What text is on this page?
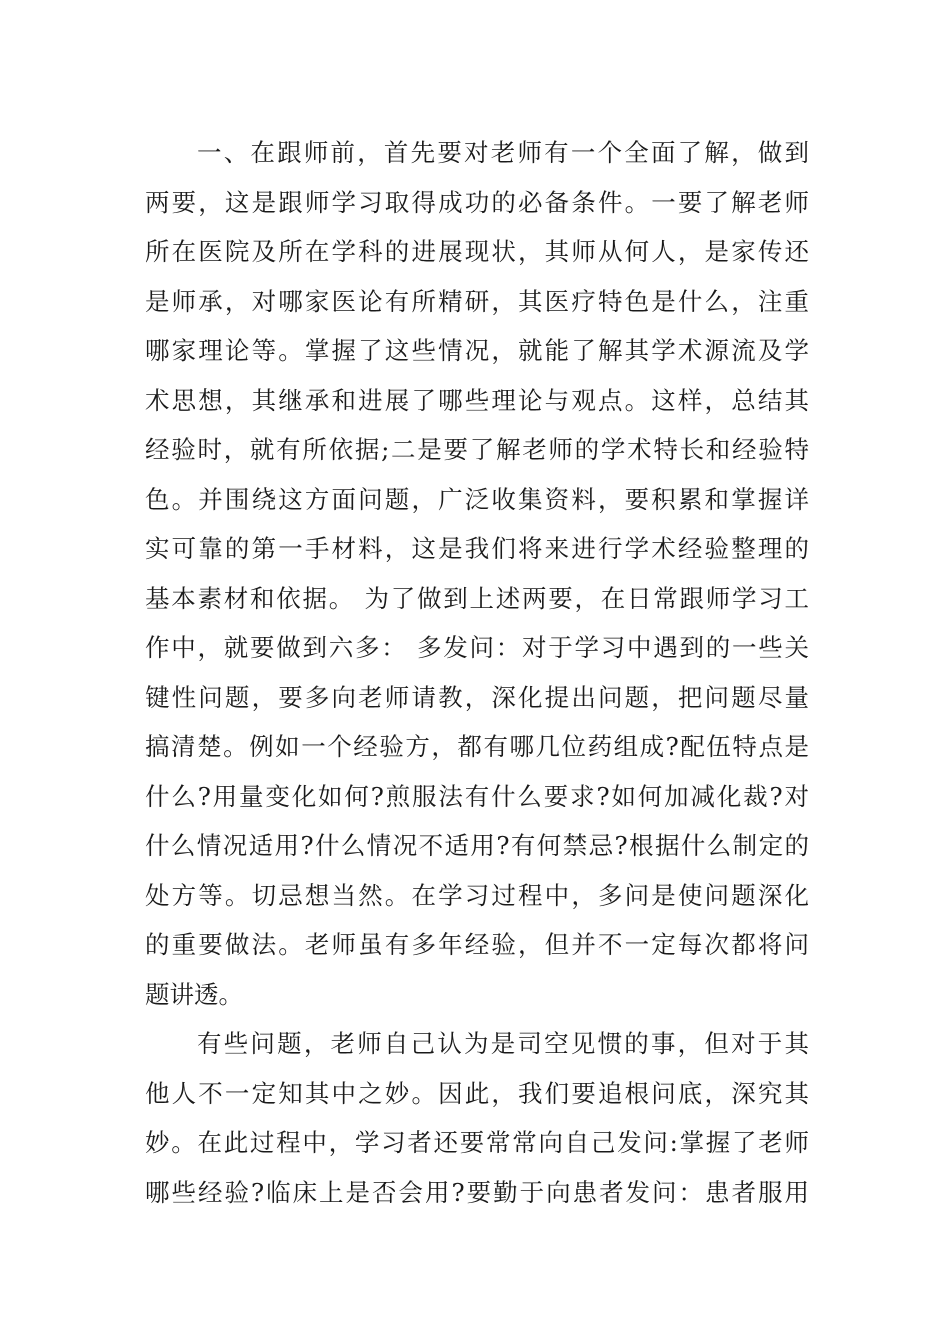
一、在跟师前，首先要对老师有一个全面了解，做到
两要，这是跟师学习取得成功的必备条件。一要了解老师
所在医院及所在学科的进展现状，其师从何人，是家传还
是师承，对哪家医论有所精研，其医疗特色是什么，注重
哪家理论等。掌握了这些情况，就能了解其学术源流及学
术思想，其继承和进展了哪些理论与观点。这样，总结其
经验时，就有所依据;二是要了解老师的学术特长和经验特
色。并围绕这方面问题，广泛收集资料，要积累和掌握详
实可靠的第一手材料，这是我们将来进行学术经验整理的
基本素材和依据。 为了做到上述两要，在日常跟师学习工
作中，就要做到六多： 多发问：对于学习中遇到的一些关
键性问题，要多向老师请教，深化提出问题，把问题尽量
搞清楚。例如一个经验方，都有哪几位药组成?配伍特点是
什么?用量变化如何?煎服法有什么要求?如何加减化裁?对
什么情况适用?什么情况不适用?有何禁忌?根据什么制定的
处方等。切忌想当然。在学习过程中，多问是使问题深化
的重要做法。老师虽有多年经验，但并不一定每次都将问
题讲透。

有些问题，老师自己认为是司空见惯的事，但对于其
他人不一定知其中之妙。因此，我们要追根问底，深究其
妙。在此过程中，学习者还要常常向自己发问:掌握了老师
哪些经验?临床上是否会用?要勤于向患者发问：患者服用
